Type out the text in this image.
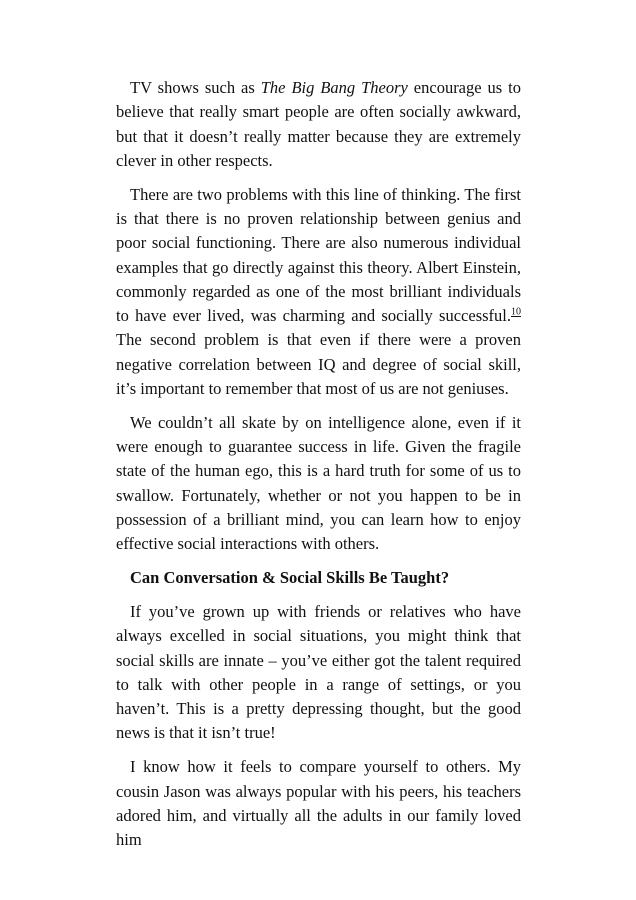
TV shows such as The Big Bang Theory encourage us to believe that really smart people are often socially awkward, but that it doesn’t really matter because they are extremely clever in other respects.

There are two problems with this line of thinking. The first is that there is no proven relationship between genius and poor social functioning. There are also numerous individual examples that go directly against this theory. Albert Einstein, commonly regarded as one of the most brilliant individuals to have ever lived, was charming and socially successful.$^{10}$ The second problem is that even if there were a proven negative correlation between IQ and degree of social skill, it’s important to remember that most of us are not geniuses.

We couldn’t all skate by on intelligence alone, even if it were enough to guarantee success in life. Given the fragile state of the human ego, this is a hard truth for some of us to swallow. Fortunately, whether or not you happen to be in possession of a brilliant mind, you can learn how to enjoy effective social interactions with others.

Can Conversation & Social Skills Be Taught?

If you’ve grown up with friends or relatives who have always excelled in social situations, you might think that social skills are innate – you’ve either got the talent required to talk with other people in a range of settings, or you haven’t. This is a pretty depressing thought, but the good news is that it isn’t true!

I know how it feels to compare yourself to others. My cousin Jason was always popular with his peers, his teachers adored him, and virtually all the adults in our family loved him
